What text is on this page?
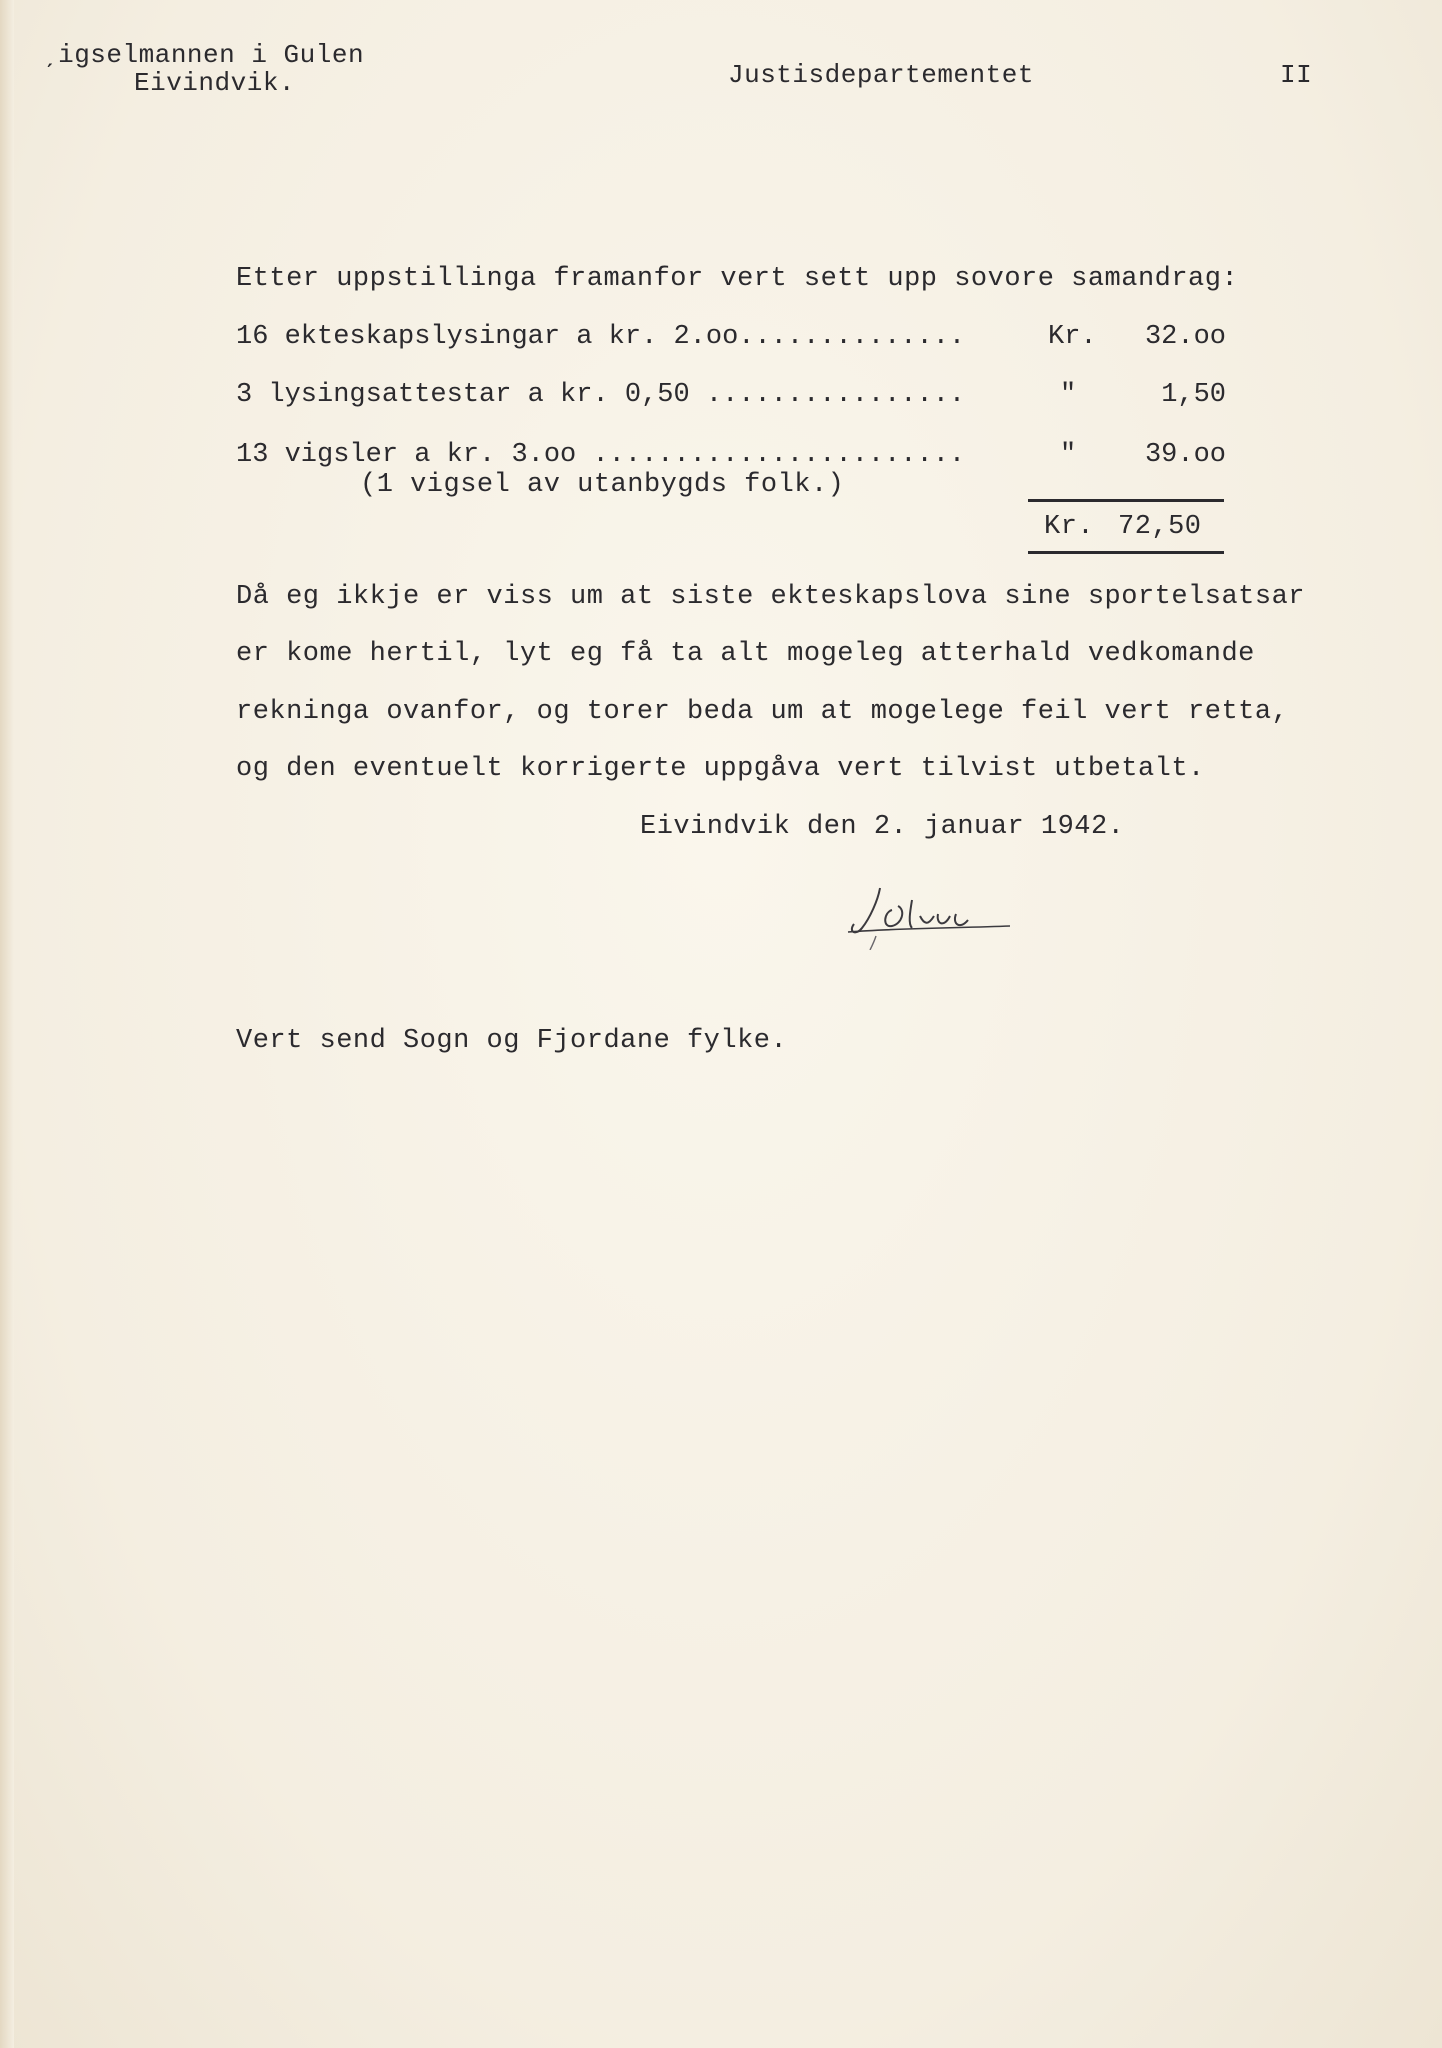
ˏigselmannen i Gulen
Eivindvik.	Justisdepartementet	II
Etter uppstillinga framanfor vert sett upp sovore samandrag:
16 ekteskapslysingar a kr. 2.oo..............	Kr. 32.oo
3 lysingsattestar a kr. 0,50 ................	"	1,50
13 vigsler a kr. 3.oo .......................	"	39.oo
(1 vigsel av utanbygds folk.)
Kr. 72,50
Då eg ikkje er viss um at siste ekteskapslova sine sportelsatsar
er kome hertil, lyt eg få ta alt mogeleg atterhald vedkomande
rekninga ovanfor, og torer beda um at mogelege feil vert retta,
og den eventuelt korrigerte uppgåva vert tilvist utbetalt.
Eivindvik den 2. januar 1942.
Vert send Sogn og Fjordane fylke.
